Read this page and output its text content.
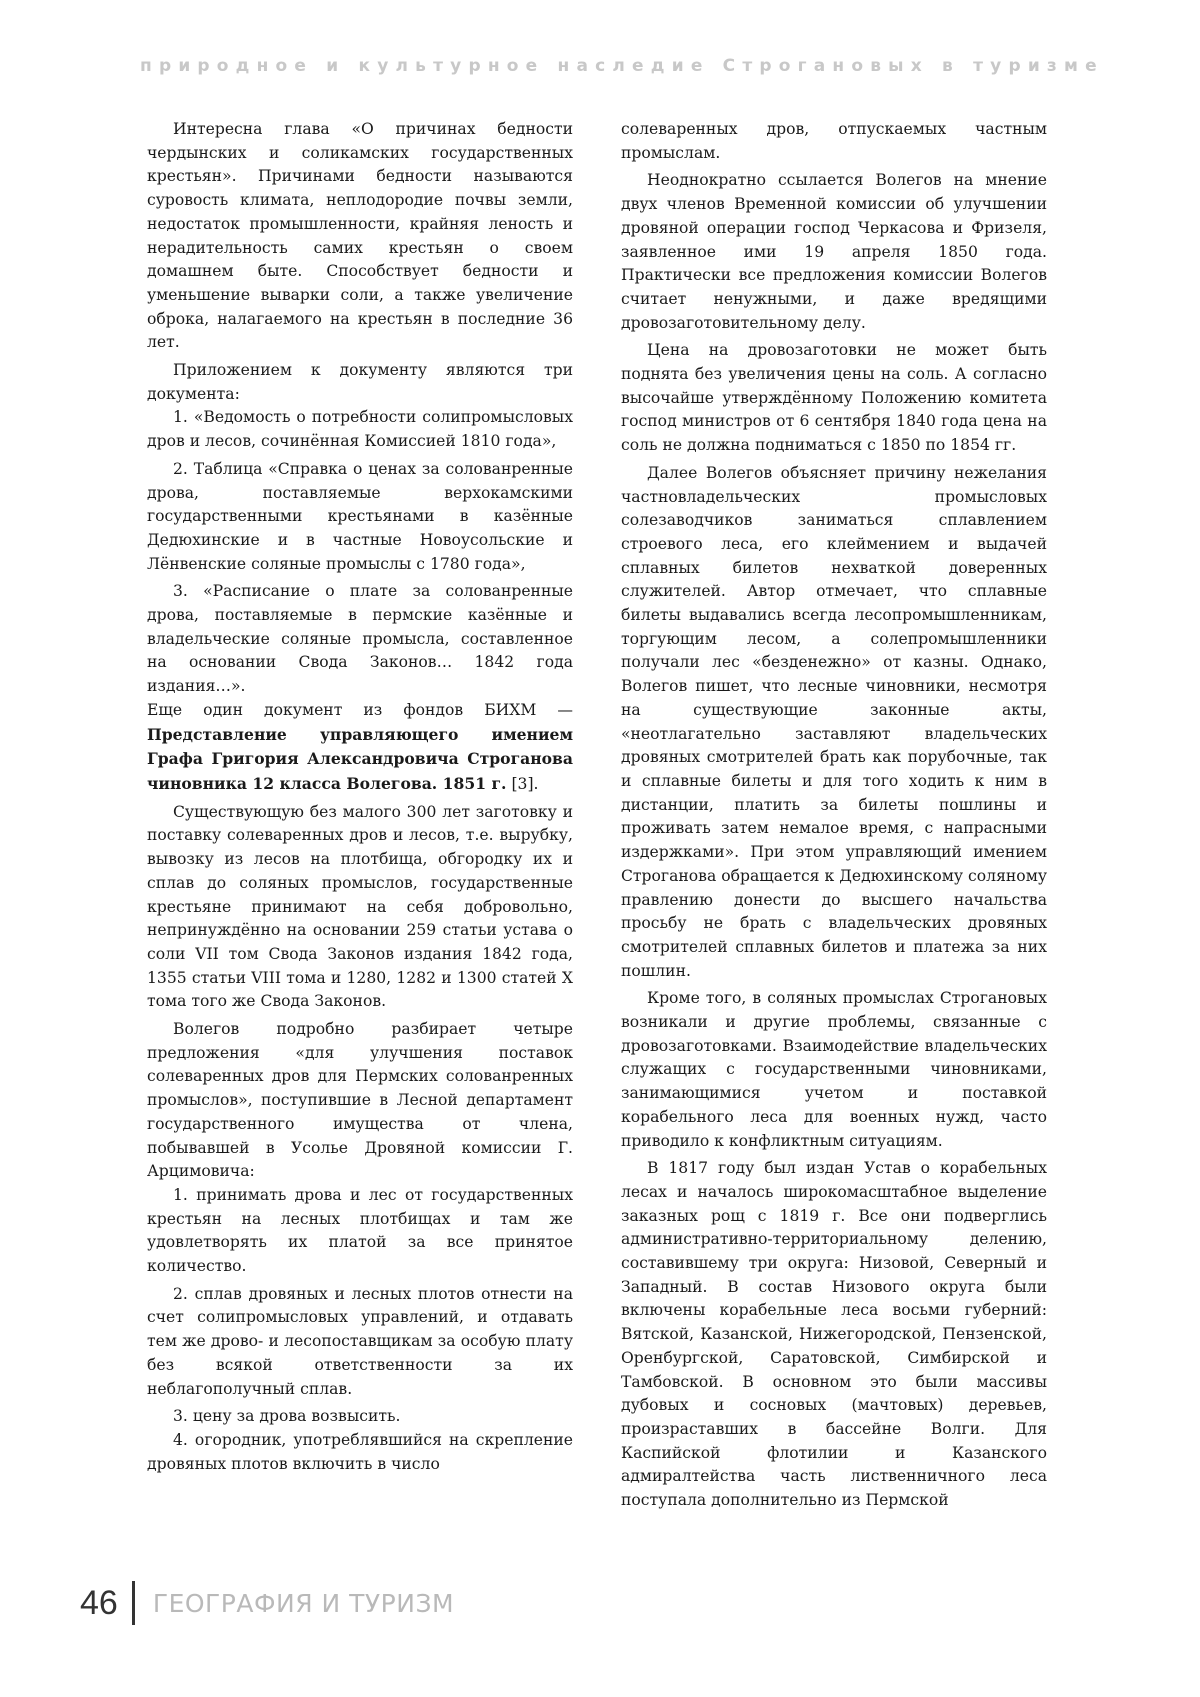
природное и культурное наследие Строгановых в туризме

Интересна глава «О причинах бедности чердынских и соликамских государственных крестьян». Причинами бедности называются суровость климата, неплодородие почвы земли, недостаток промышленности, крайняя леность и нерадительность самих крестьян о своем домашнем быте. Способствует бедности и уменьшение выварки соли, а также увеличение оброка, налагаемого на крестьян в последние 36 лет.

Приложением к документу являются три документа:

1. «Ведомость о потребности солипромысловых дров и лесов, сочинённая Комиссией 1810 года»,

2. Таблица «Справка о ценах за солованренные дрова, поставляемые верхокамскими государственными крестьянами в казённые Дедюхинские и в частные Новоусольские и Лёнвенские соляные промыслы с 1780 года»,

3. «Расписание о плате за солованренные дрова, поставляемые в пермские казённые и владельческие соляные промысла, составленное на основании Свода Законов… 1842 года издания…».

Еще один документ из фондов БИХМ — Представление управляющего имением Графа Григория Александровича Строганова чиновника 12 класса Волегова. 1851 г. [3].

Существующую без малого 300 лет заготовку и поставку солеваренных дров и лесов, т.е. вырубку, вывозку из лесов на плотбища, обгородку их и сплав до соляных промыслов, государственные крестьяне принимают на себя добровольно, непринуждённо на основании 259 статьи устава о соли VII том Свода Законов издания 1842 года, 1355 статьи VIII тома и 1280, 1282 и 1300 статей X тома того же Свода Законов.

Волегов подробно разбирает четыре предложения «для улучшения поставок солеваренных дров для Пермских солованренных промыслов», поступившие в Лесной департамент государственного имущества от члена, побывавшей в Усолье Дровяной комиссии Г. Арцимовича:

1. принимать дрова и лес от государственных крестьян на лесных плотбищах и там же удовлетворять их платой за все принятое количество.

2. сплав дровяных и лесных плотов отнести на счет солипромысловых управлений, и отдавать тем же дрово- и лесопоставщикам за особую плату без всякой ответственности за их неблагополучный сплав.

3. цену за дрова возвысить.

4. огородник, употреблявшийся на скрепление дровяных плотов включить в число

солеваренных дров, отпускаемых частным промыслам.

Неоднократно ссылается Волегов на мнение двух членов Временной комиссии об улучшении дровяной операции господ Черкасова и Фризеля, заявленное ими 19 апреля 1850 года. Практически все предложения комиссии Волегов считает ненужными, и даже вредящими дровозаготовительному делу.

Цена на дровозаготовки не может быть поднята без увеличения цены на соль. А согласно высочайше утверждённому Положению комитета господ министров от 6 сентября 1840 года цена на соль не должна подниматься с 1850 по 1854 гг.

Далее Волегов объясняет причину нежелания частновладельческих промысловых солезаводчиков заниматься сплавлением строевого леса, его клеймением и выдачей сплавных билетов нехваткой доверенных служителей. Автор отмечает, что сплавные билеты выдавались всегда лесопромышленникам, торгующим лесом, а солепромышленники получали лес «безденежно» от казны. Однако, Волегов пишет, что лесные чиновники, несмотря на существующие законные акты, «неотлагательно заставляют владельческих дровяных смотрителей брать как порубочные, так и сплавные билеты и для того ходить к ним в дистанции, платить за билеты пошлины и проживать затем немалое время, с напрасными издержками». При этом управляющий имением Строганова обращается к Дедюхинскому соляному правлению донести до высшего начальства просьбу не брать с владельческих дровяных смотрителей сплавных билетов и платежа за них пошлин.

Кроме того, в соляных промыслах Строгановых возникали и другие проблемы, связанные с дровозаготовками. Взаимодействие владельческих служащих с государственными чиновниками, занимающимися учетом и поставкой корабельного леса для военных нужд, часто приводило к конфликтным ситуациям.

В 1817 году был издан Устав о корабельных лесах и началось широкомасштабное выделение заказных рощ с 1819 г. Все они подверглись административно-территориальному делению, составившему три округа: Низовой, Северный и Западный. В состав Низового округа были включены корабельные леса восьми губерний: Вятской, Казанской, Нижегородской, Пензенской, Оренбургской, Саратовской, Симбирской и Тамбовской. В основном это были массивы дубовых и сосновых (мачтовых) деревьев, произраставших в бассейне Волги. Для Каспийской флотилии и Казанского адмиралтейства часть лиственничного леса поступала дополнительно из Пермской

46 ГЕОГРАФИЯ И ТУРИЗМ
